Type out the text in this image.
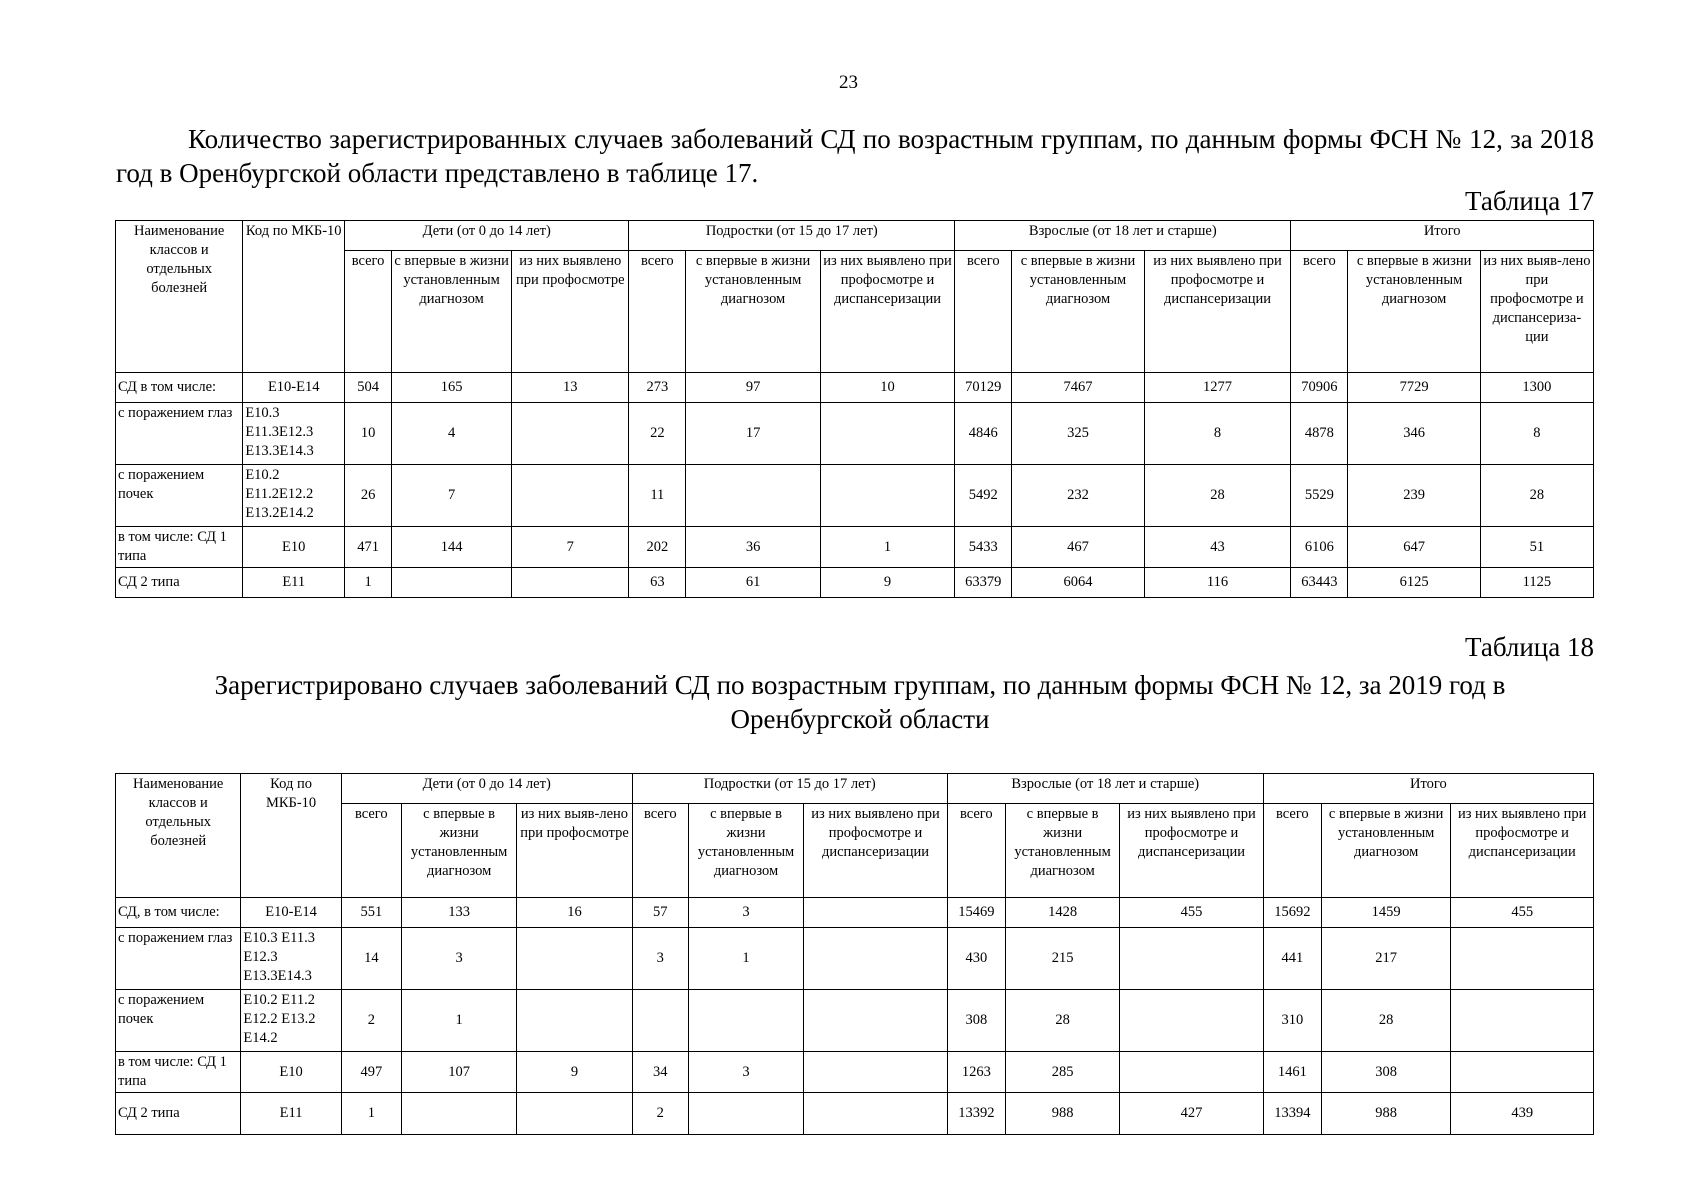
23
Количество зарегистрированных случаев заболеваний СД по возрастным группам, по данным формы ФСН № 12, за 2018 год в Оренбургской области представлено в таблице 17.
Таблица 17
Наименование классов и отдельных болезней	Код по МКБ-10	Дети (от 0 до 14 лет)			Подростки (от 15 до 17 лет)			Взрослые (от 18 лет и старше)			Итого		
		всего	с впервые в жизни установленным диагнозом	из них выявлено при профосмотре	всего	с впервые в жизни установленным диагнозом	из них выявлено при профосмотре и диспансеризации	всего	с впервые в жизни установленным диагнозом	из них выявлено при профосмотре и диспансеризации	всего	с впервые в жизни установленным диагнозом	из них выяв-лено при профосмотре и диспансериза-ции
СД в том числе:	Е10-Е14	504	165	13	273	97	10	70129	7467	1277	70906	7729	1300
с поражением глаз	Е10.3 Е11.3Е12.3 Е13.3Е14.3	10	4		22	17		4846	325	8	4878	346	8
с поражением почек	Е10.2 Е11.2Е12.2 Е13.2Е14.2	26	7		11			5492	232	28	5529	239	28
в том числе: СД 1 типа	Е10	471	144	7	202	36	1	5433	467	43	6106	647	51
СД 2 типа	Е11	1			63	61	9	63379	6064	116	63443	6125	1125
Таблица 18
Зарегистрировано случаев заболеваний СД по возрастным группам, по данным формы ФСН № 12, за 2019 год в Оренбургской области
Наименование классов и отдельных болезней	Код по МКБ-10	Дети (от 0 до 14 лет)			Подростки (от 15 до 17 лет)			Взрослые (от 18 лет и старше)			Итого		
		всего	с впервые в жизни установленным диагнозом	из них выяв-лено при профосмотре	всего	с впервые в жизни установленным диагнозом	из них выявлено при профосмотре и диспансеризации	всего	с впервые в жизни установленным диагнозом	из них выявлено при профосмотре и диспансеризации	всего	с впервые в жизни установленным диагнозом	из них выявлено при профосмотре и диспансеризации
СД, в том числе:	Е10-Е14	551	133	16	57	3		15469	1428	455	15692	1459	455
с поражением глаз	Е10.3 Е11.3 Е12.3 Е13.3Е14.3	14	3		3	1		430	215		441	217	
с поражением почек	Е10.2 Е11.2 Е12.2 Е13.2 Е14.2	2	1					308	28		310	28	
в том числе: СД 1 типа	Е10	497	107	9	34	3		1263	285		1461	308	
СД 2 типа	Е11	1			2			13392	988	427	13394	988	439
